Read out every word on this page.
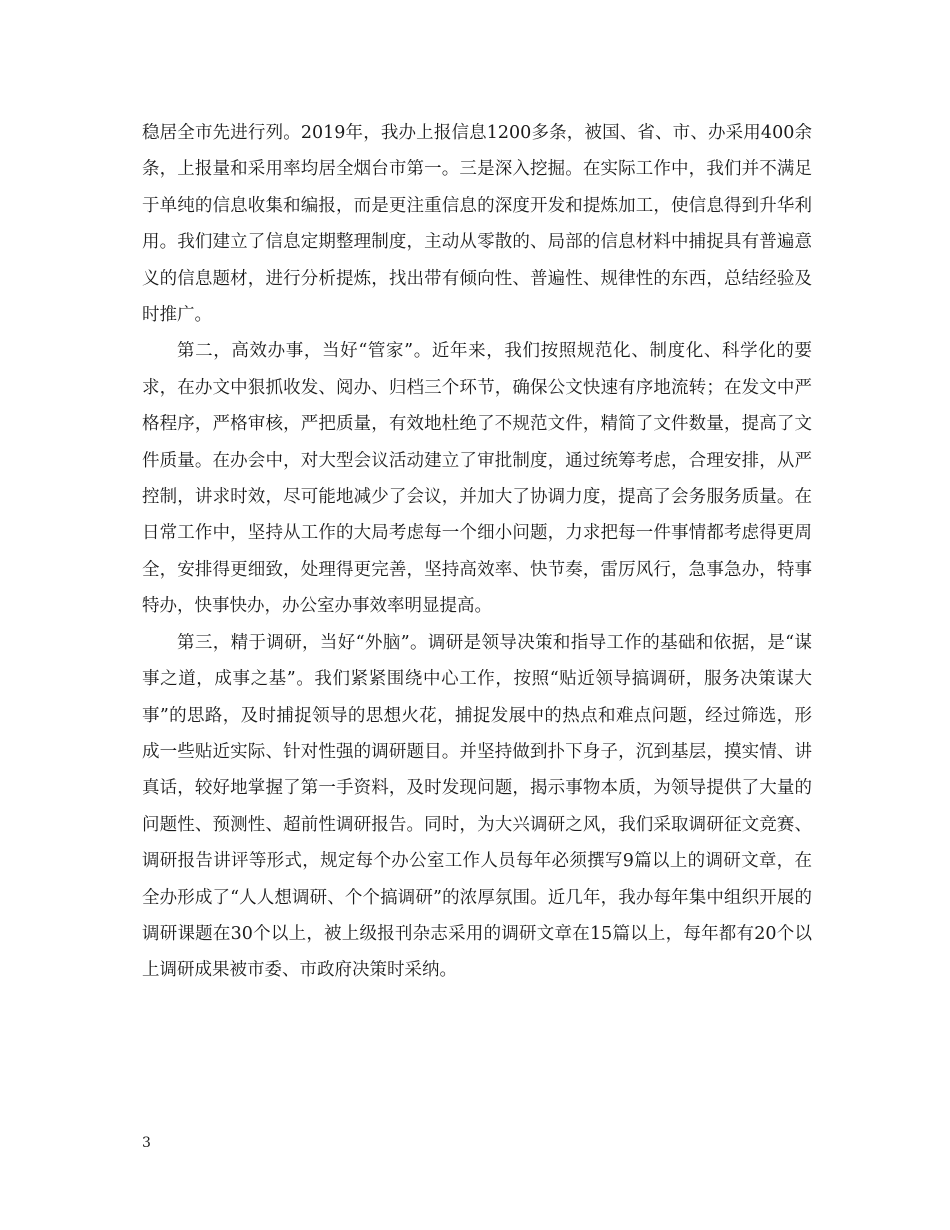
稳居全市先进行列。2019年，我办上报信息1200多条，被国、省、市、办采用400余条，上报量和采用率均居全烟台市第一。三是深入挖掘。在实际工作中，我们并不满足于单纯的信息收集和编报，而是更注重信息的深度开发和提炼加工，使信息得到升华利用。我们建立了信息定期整理制度，主动从零散的、局部的信息材料中捕捉具有普遍意义的信息题材，进行分析提炼，找出带有倾向性、普遍性、规律性的东西，总结经验及时推广。

第二，高效办事，当好“管家”。近年来，我们按照规范化、制度化、科学化的要求，在办文中狠抓收发、阅办、归档三个环节，确保公文快速有序地流转；在发文中严格程序，严格审核，严把质量，有效地杜绝了不规范文件，精简了文件数量，提高了文件质量。在办会中，对大型会议活动建立了审批制度，通过统筹考虑，合理安排，从严控制，讲求时效，尽可能地减少了会议，并加大了协调力度，提高了会务服务质量。在日常工作中，坚持从工作的大局考虑每一个细小问题，力求把每一件事情都考虑得更周全，安排得更细致，处理得更完善，坚持高效率、快节奏，雷厉风行，急事急办，特事特办，快事快办，办公室办事效率明显提高。

第三，精于调研，当好“外脑”。调研是领导决策和指导工作的基础和依据，是“谋事之道，成事之基”。我们紧紧围绕中心工作，按照“贴近领导搞调研，服务决策谋大事”的思路，及时捕捉领导的思想火花，捕捉发展中的热点和难点问题，经过筛选，形成一些贴近实际、针对性强的调研题目。并坚持做到扑下身子，沉到基层，摸实情、讲真话，较好地掌握了第一手资料，及时发现问题，揭示事物本质，为领导提供了大量的问题性、预测性、超前性调研报告。同时，为大兴调研之风，我们采取调研征文竞赛、调研报告讲评等形式，规定每个办公室工作人员每年必须撰写9篇以上的调研文章，在全办形成了“人人想调研、个个搞调研”的浓厚氛围。近几年，我办每年集中组织开展的调研课题在30个以上，被上级报刊杂志采用的调研文章在15篇以上，每年都有20个以上调研成果被市委、市政府决策时采纳。

3
